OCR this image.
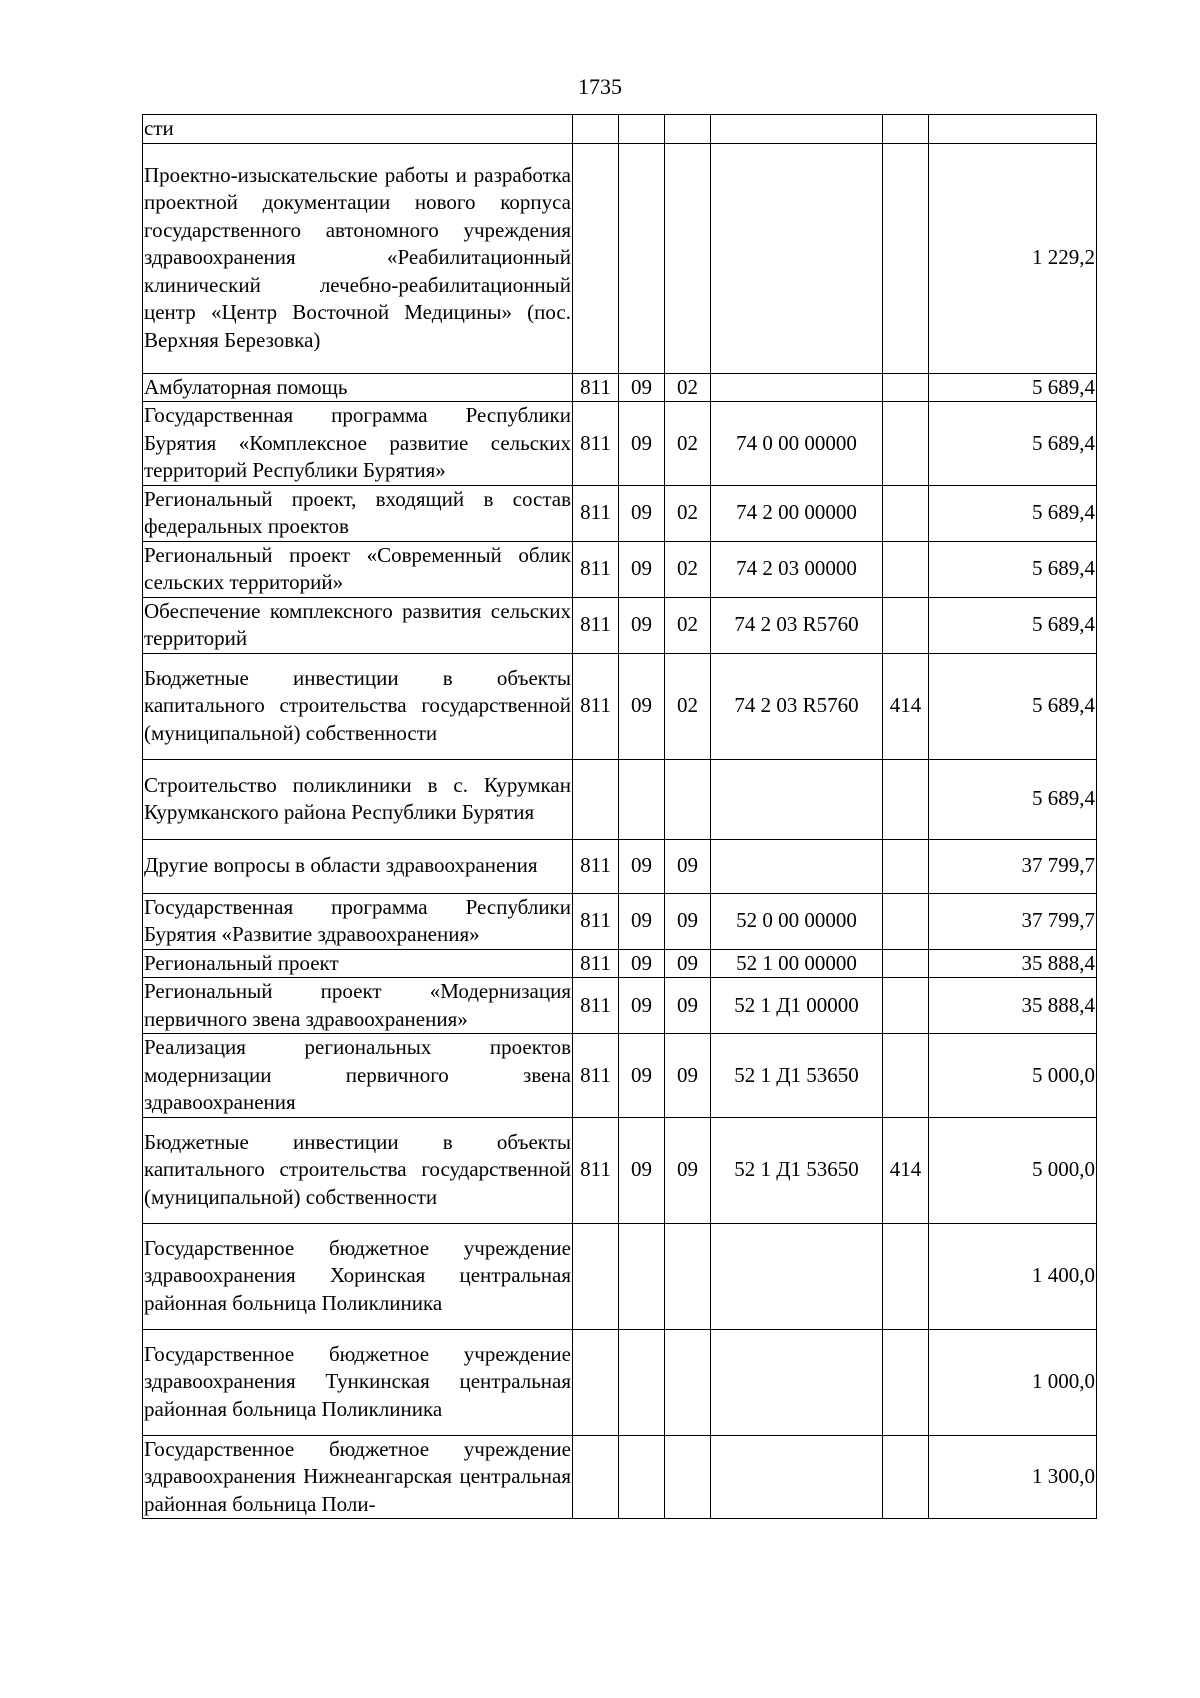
1735
сти						
Проектно-изыскательские работы и разработка проектной документации нового корпуса государственного автономного учреждения здравоохранения «Реабилитационный клинический лечебно-реабилитационный центр «Центр Восточной Медицины» (пос. Верхняя Березовка)						1 229,2
Амбулаторная помощь	811	09	02			5 689,4
Государственная программа Республики Бурятия «Комплексное развитие сельских территорий Республики Бурятия»	811	09	02	74 0 00 00000		5 689,4
Региональный проект, входящий в состав федеральных проектов	811	09	02	74 2 00 00000		5 689,4
Региональный проект «Современный облик сельских территорий»	811	09	02	74 2 03 00000		5 689,4
Обеспечение комплексного развития сельских территорий	811	09	02	74 2 03 R5760		5 689,4
Бюджетные инвестиции в объекты капитального строительства государственной (муниципальной) собственности	811	09	02	74 2 03 R5760	414	5 689,4
Строительство поликлиники в с. Курумкан Курумканского района Республики Бурятия						5 689,4
Другие вопросы в области здравоохранения	811	09	09			37 799,7
Государственная программа Республики Бурятия «Развитие здравоохранения»	811	09	09	52 0 00 00000		37 799,7
Региональный проект	811	09	09	52 1 00 00000		35 888,4
Региональный проект «Модернизация первичного звена здравоохранения»	811	09	09	52 1 Д1 00000		35 888,4
Реализация региональных проектов модернизации первичного звена здравоохранения	811	09	09	52 1 Д1 53650		5 000,0
Бюджетные инвестиции в объекты капитального строительства государственной (муниципальной) собственности	811	09	09	52 1 Д1 53650	414	5 000,0
Государственное бюджетное учреждение здравоохранения Хоринская центральная районная больница Поликлиника						1 400,0
Государственное бюджетное учреждение здравоохранения Тункинская центральная районная больница Поликлиника						1 000,0
Государственное бюджетное учреждение здравоохранения Нижнеангарская центральная районная больница Поли-						1 300,0
